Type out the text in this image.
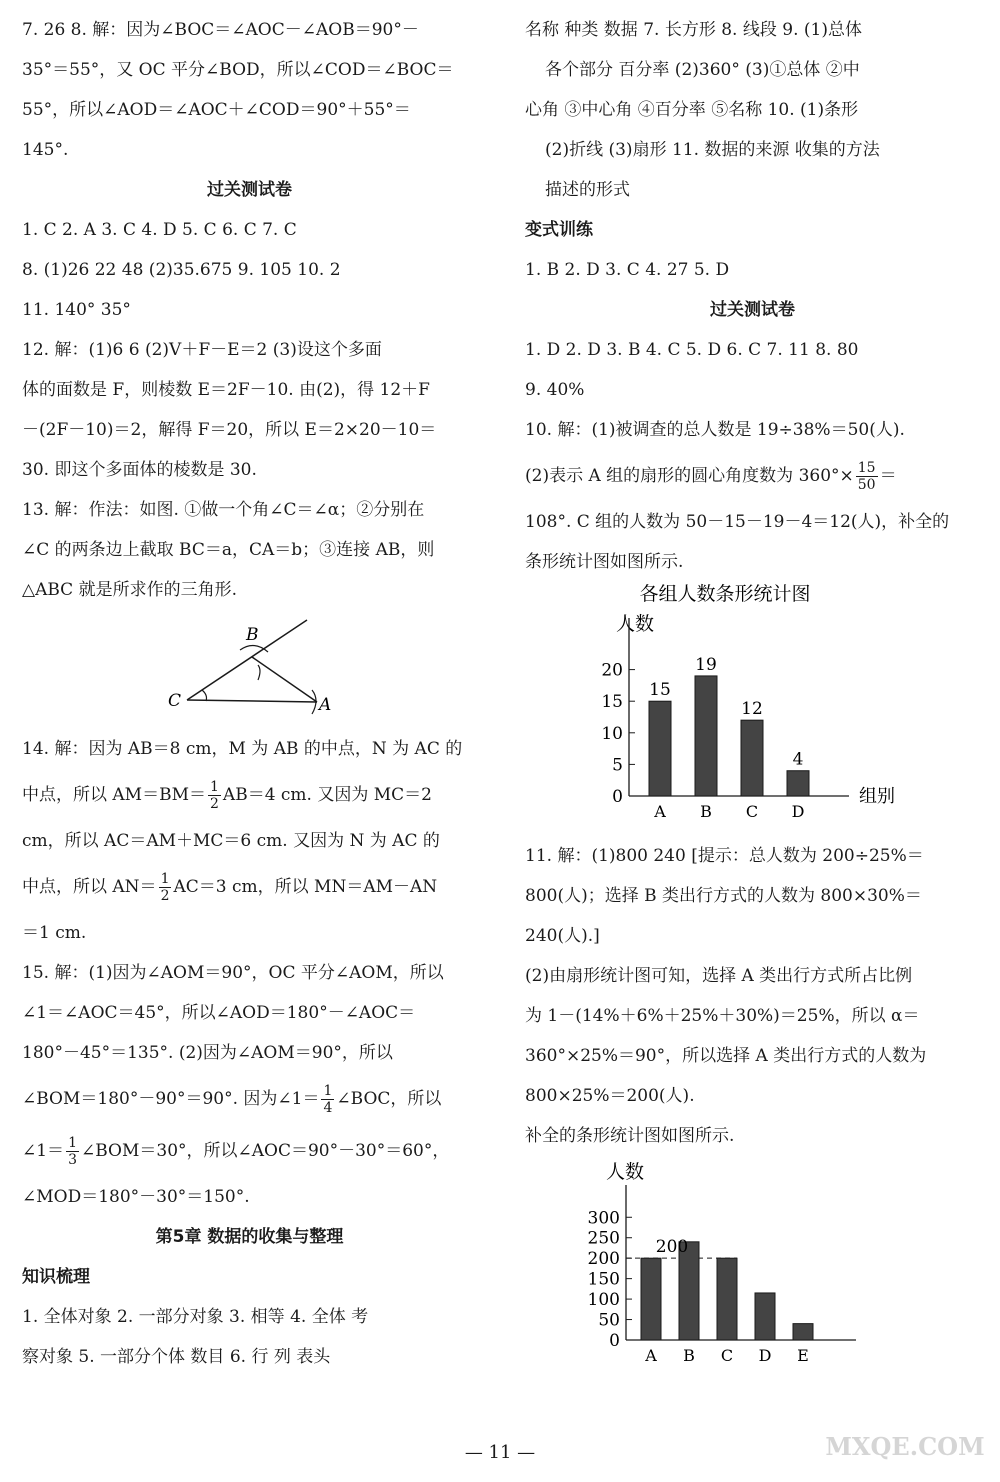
7. 26 8. 解：因为∠BOC＝∠AOC－∠AOB＝90°－
35°＝55°，又 OC 平分∠BOD，所以∠COD＝∠BOC＝
55°，所以∠AOD＝∠AOC＋∠COD＝90°＋55°＝
145°.
过关测试卷
1. C 2. A 3. C 4. D 5. C 6. C 7. C
8. (1)26 22 48 (2)35.675 9. 105 10. 2
11. 140° 35°
12. 解：(1)6 6 (2)V＋F－E＝2 (3)设这个多面
体的面数是 F，则棱数 E＝2F－10. 由(2)，得 12＋F
－(2F－10)＝2，解得 F＝20，所以 E＝2×20－10＝
30. 即这个多面体的棱数是 30.
13. 解：作法：如图. ①做一个角∠C＝∠α；②分别在
∠C 的两条边上截取 BC＝a，CA＝b；③连接 AB，则
△ABC 就是所求作的三角形.
B
C	A
14. 解：因为 AB＝8 cm，M 为 AB 的中点，N 为 AC 的
中点，所以 $AM=BM= \frac{1}{2} AB=4$ cm. 又因为 MC＝2
cm，所以 AC＝AM＋MC＝6 cm. 又因为 N 为 AC 的
中点，所以 $AN= \frac{1}{2} AC=3$ cm，所以 MN＝AM－AN
＝1 cm.
15. 解：(1)因为∠AOM＝90°，OC 平分∠AOM，所以
∠1＝∠AOC＝45°，所以∠AOD＝180°－∠AOC＝
180°－45°＝135°. (2)因为∠AOM＝90°，所以
∠BOM＝180°－90°＝90°. 因为∠1＝ $\frac{1}{4}$ ∠BOC，所以
∠1＝ $\frac{1}{3}$ ∠BOM＝30°，所以∠AOC＝90°－30°＝60°，
∠MOD＝180°－30°＝150°.
第5章 数据的收集与整理
知识梳理
1. 全体对象 2. 一部分对象 3. 相等 4. 全体 考
察对象 5. 一部分个体 数目 6. 行 列 表头
名称 种类 数据 7. 长方形 8. 线段 9. (1)总体
各个部分 百分率 (2)360° (3)①总体 ②中
心角 ③中心角 ④百分率 ⑤名称 10. (1)条形
(2)折线 (3)扇形 11. 数据的来源 收集的方法
描述的形式
变式训练
1. B 2. D 3. C 4. 27 5. D
过关测试卷
1. D 2. D 3. B 4. C 5. D 6. C 7. 11 8. 80
9. 40%
10. 解：(1)被调查的总人数是 19÷38%＝50(人).
(2)表示 A 组的扇形的圆心角度数为 $360^\circ\times \frac{15}{50}$ ＝
108°. C 组的人数为 50－15－19－4＝12(人)，补全的
条形统计图如图所示.
各组人数条形统计图
人数
组别
0
5
10
15
20
A B C D
15
19
12
4
11. 解：(1)800 240 [提示：总人数为 200÷25%＝
800(人)；选择 B 类出行方式的人数为 800×30%＝
240(人).]
(2)由扇形统计图可知，选择 A 类出行方式所占比例
为 1－(14%＋6%＋25%＋30%)＝25%，所以 α＝
360°×25%＝90°，所以选择 A 类出行方式的人数为
800×25%＝200(人).
补全的条形统计图如图所示.
人数
0
50
100
150
200
250
300
A B C D E
200
— 11 —	MXQE.COM
